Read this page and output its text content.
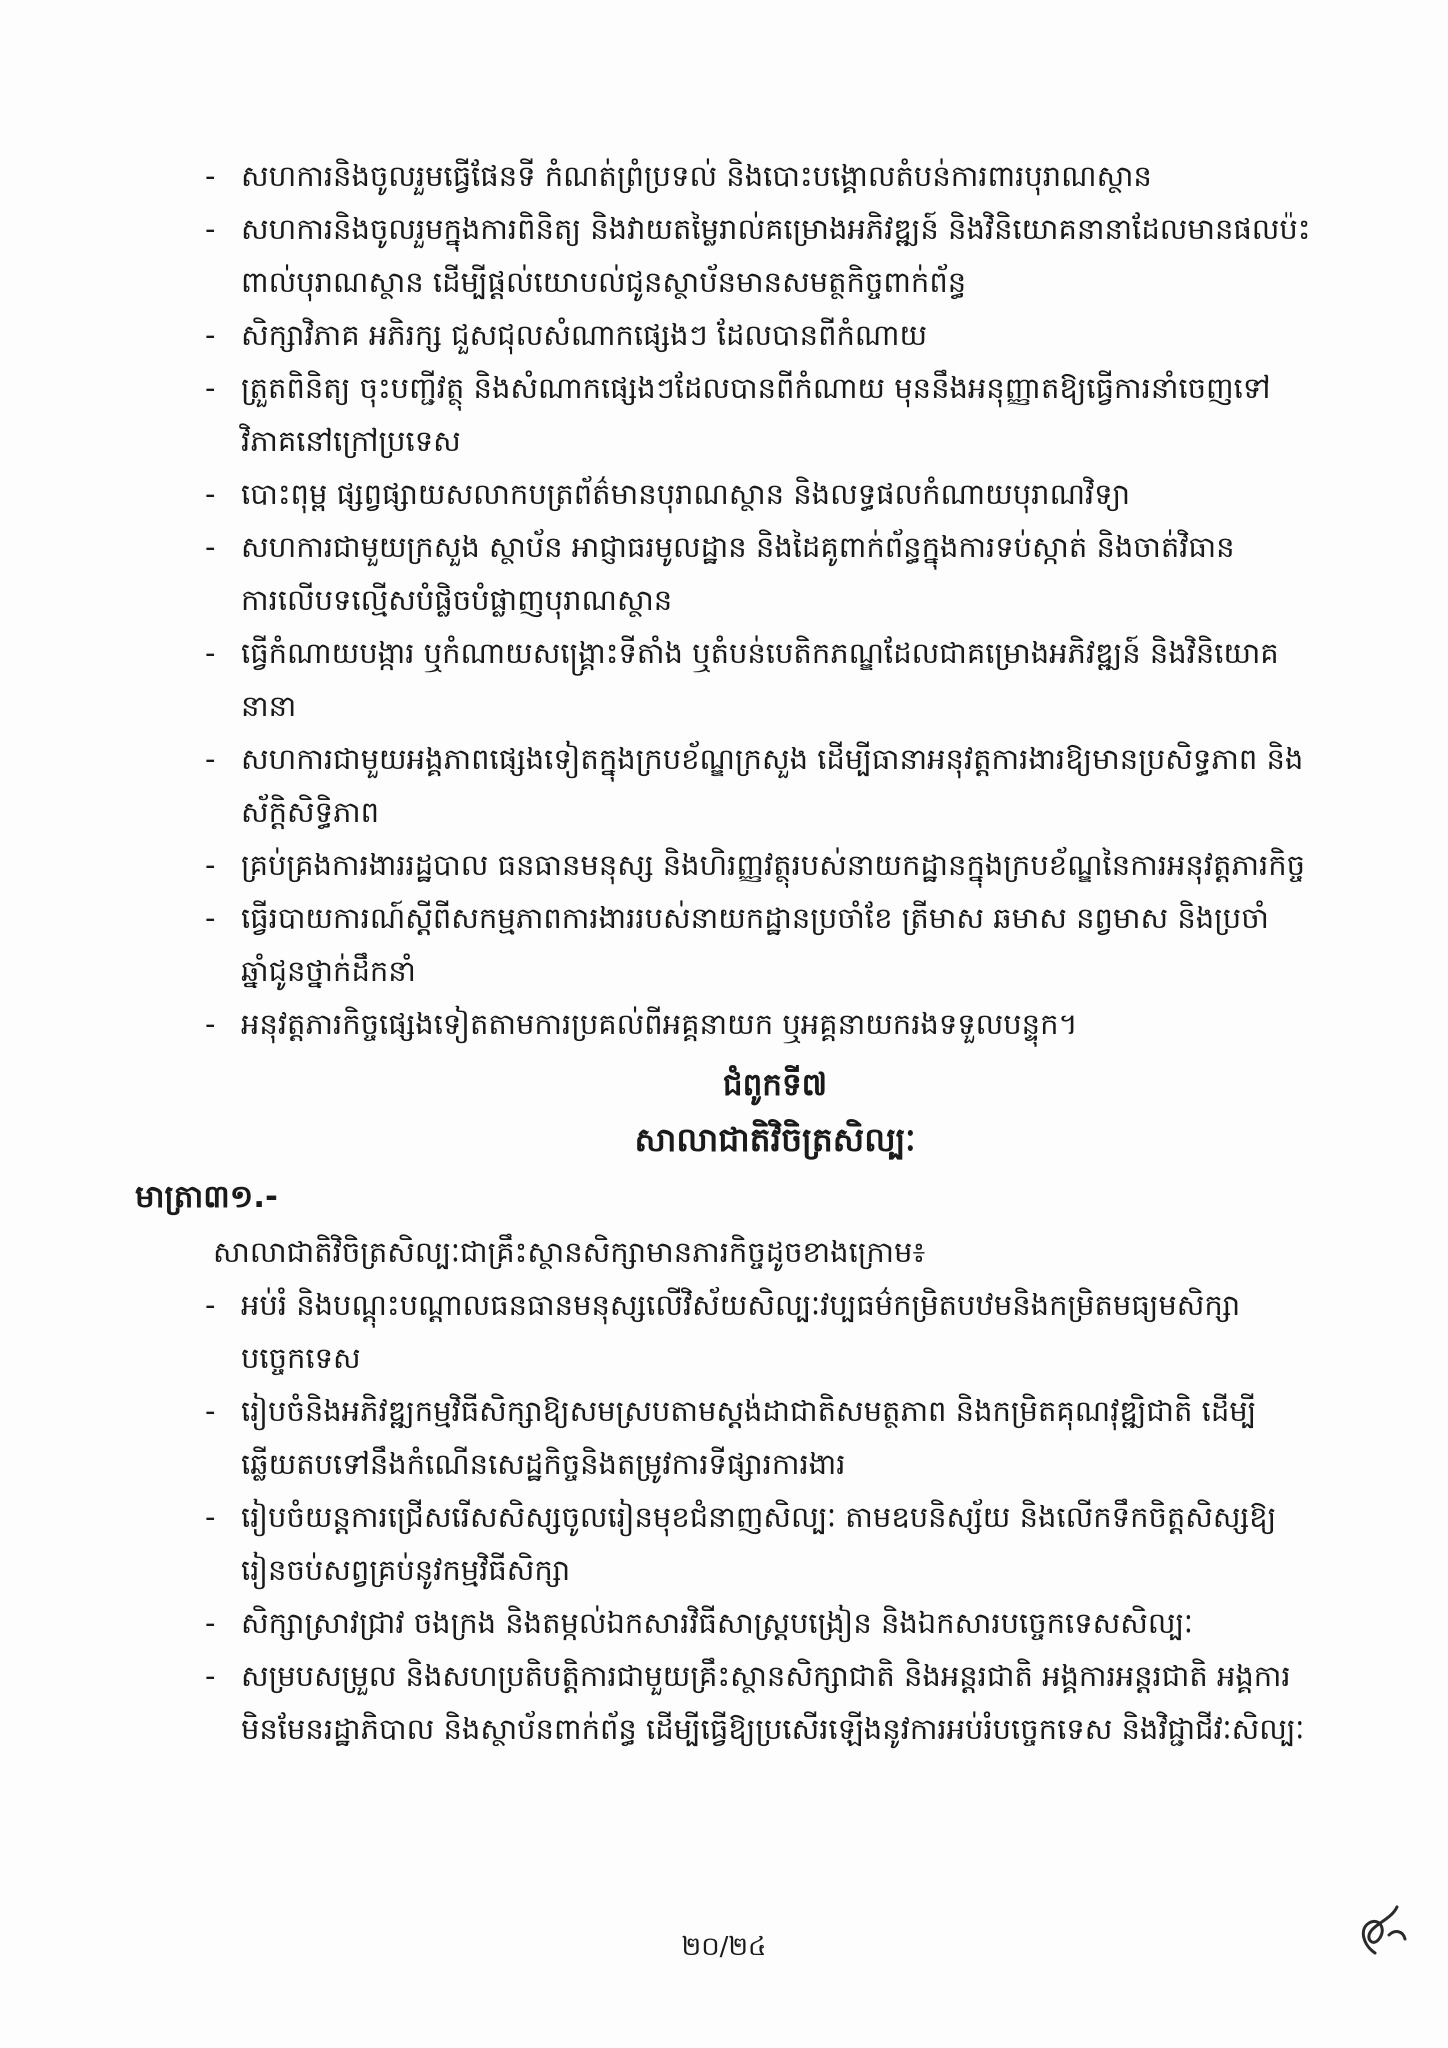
- សហការនិងចូលរួមធ្វើផែនទី កំណត់ព្រំប្រទល់ និងបោះបង្គោលតំបន់ការពារបុរាណស្ថាន
- សហការនិងចូលរួមក្នុងការពិនិត្យ និងវាយតម្លៃរាល់គម្រោងអភិវឌ្ឍន៍ និងវិនិយោគនានាដែលមានផលប៉ះពាល់បុរាណស្ថាន ដើម្បីផ្ដល់យោបល់ជូនស្ថាប័នមានសមត្ថកិច្ចពាក់ព័ន្ធ
- សិក្សាវិភាគ អភិរក្ស ជួសជុលសំណាកផ្សេងៗ ដែលបានពីកំណាយ
- ត្រួតពិនិត្យ ចុះបញ្ជីវត្ថុ និងសំណាកផ្សេងៗដែលបានពីកំណាយ មុននឹងអនុញ្ញាតឱ្យធ្វើការនាំចេញទៅវិភាគនៅក្រៅប្រទេស
- បោះពុម្ព ផ្សព្វផ្សាយសលាកបត្រព័ត៌មានបុរាណស្ថាន និងលទ្ធផលកំណាយបុរាណវិទ្យា
- សហការជាមួយក្រសួង ស្ថាប័ន អាជ្ញាធរមូលដ្ឋាន និងដៃគូពាក់ព័ន្ធក្នុងការទប់ស្កាត់ និងចាត់វិធានការលើបទល្មើសបំផ្លិចបំផ្លាញបុរាណស្ថាន
- ធ្វើកំណាយបង្ការ ឬកំណាយសង្គ្រោះទីតាំង ឬតំបន់បេតិកភណ្ឌដែលជាគម្រោងអភិវឌ្ឍន៍ និងវិនិយោគនានា
- សហការជាមួយអង្គភាពផ្សេងទៀតក្នុងក្របខ័ណ្ឌក្រសួង ដើម្បីធានាអនុវត្តការងារឱ្យមានប្រសិទ្ធភាព និងស័ក្តិសិទ្ធិភាព
- គ្រប់គ្រងការងាររដ្ឋបាល ធនធានមនុស្ស និងហិរញ្ញវត្ថុរបស់នាយកដ្ឋានក្នុងក្របខ័ណ្ឌនៃការអនុវត្តភារកិច្ច
- ធ្វើរបាយការណ៍ស្ដីពីសកម្មភាពការងាររបស់នាយកដ្ឋានប្រចាំខែ ត្រីមាស ឆមាស នព្វមាស និងប្រចាំឆ្នាំជូនថ្នាក់ដឹកនាំ
- អនុវត្តភារកិច្ចផ្សេងទៀតតាមការប្រគល់ពីអគ្គនាយក ឬអគ្គនាយករងទទួលបន្ទុក។
ជំពូកទី៧
សាលាជាតិវិចិត្រសិល្បៈ
មាត្រា៣១.-
សាលាជាតិវិចិត្រសិល្បៈជាគ្រឹះស្ថានសិក្សាមានភារកិច្ចដូចខាងក្រោម៖
- អប់រំ និងបណ្ដុះបណ្ដាលធនធានមនុស្សលើវិស័យសិល្បៈវប្បធម៌កម្រិតបឋមនិងកម្រិតមធ្យមសិក្សាបច្ចេកទេស
- រៀបចំនិងអភិវឌ្ឍកម្មវិធីសិក្សាឱ្យសមស្របតាមស្តង់ដាជាតិសមត្ថភាព និងកម្រិតគុណវុឌ្ឍិជាតិ ដើម្បីឆ្លើយតបទៅនឹងកំណើនសេដ្ឋកិច្ចនិងតម្រូវការទីផ្សារការងារ
- រៀបចំយន្តការជ្រើសរើសសិស្សចូលរៀនមុខជំនាញសិល្បៈ តាមឧបនិស្ស័យ និងលើកទឹកចិត្តសិស្សឱ្យរៀនចប់សព្វគ្រប់នូវកម្មវិធីសិក្សា
- សិក្សាស្រាវជ្រាវ ចងក្រង និងតម្កល់ឯកសារវិធីសាស្ត្របង្រៀន និងឯកសារបច្ចេកទេសសិល្បៈ
- សម្របសម្រួល និងសហប្រតិបត្តិការជាមួយគ្រឹះស្ថានសិក្សាជាតិ និងអន្តរជាតិ អង្គការអន្តរជាតិ អង្គការមិនមែនរដ្ឋាភិបាល និងស្ថាប័នពាក់ព័ន្ធ ដើម្បីធ្វើឱ្យប្រសើរឡើងនូវការអប់រំបច្ចេកទេស និងវិជ្ជាជីវៈសិល្បៈ
២០/២៤
